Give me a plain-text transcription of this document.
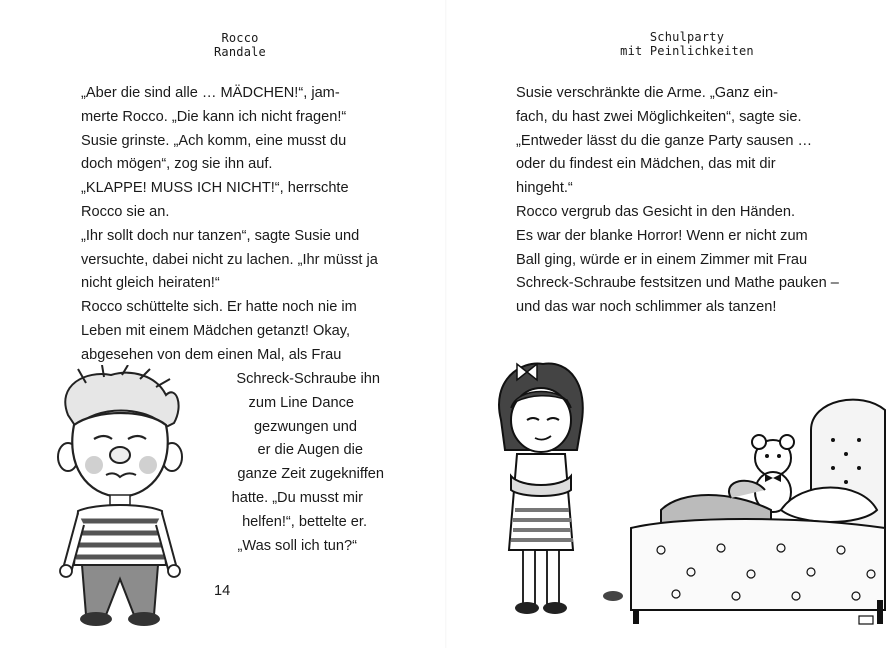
Rocco
Randale
„Aber die sind alle … MÄDCHEN!“, jam-
merte Rocco. „Die kann ich nicht fragen!“
Susie grinste. „Ach komm, eine musst du
doch mögen“, zog sie ihn auf.
„KLAPPE! MUSS ICH NICHT!“, herrschte
Rocco sie an.
„Ihr sollt doch nur tanzen“, sagte Susie und
versuchte, dabei nicht zu lachen. „Ihr müsst ja
nicht gleich heiraten!“
Rocco schüttelte sich. Er hatte noch nie im
Leben mit einem Mädchen getanzt! Okay,
abgesehen von dem einen Mal, als Frau
Schreck-Schraube ihn
zum Line Dance
gezwungen und
er die Augen die
ganze Zeit zugekniffen
hatte. „Du musst mir
helfen!“, bettelte er.
„Was soll ich tun?“
14
Schulparty
mit Peinlichkeiten
Susie verschränkte die Arme. „Ganz ein-
fach, du hast zwei Möglichkeiten“, sagte sie.
„Entweder lässt du die ganze Party sausen …
oder du findest ein Mädchen, das mit dir
hingeht.“
Rocco vergrub das Gesicht in den Händen.
Es war der blanke Horror! Wenn er nicht zum
Ball ging, würde er in einem Zimmer mit Frau
Schreck-Schraube festsitzen und Mathe pauken –
und das war noch schlimmer als tanzen!
